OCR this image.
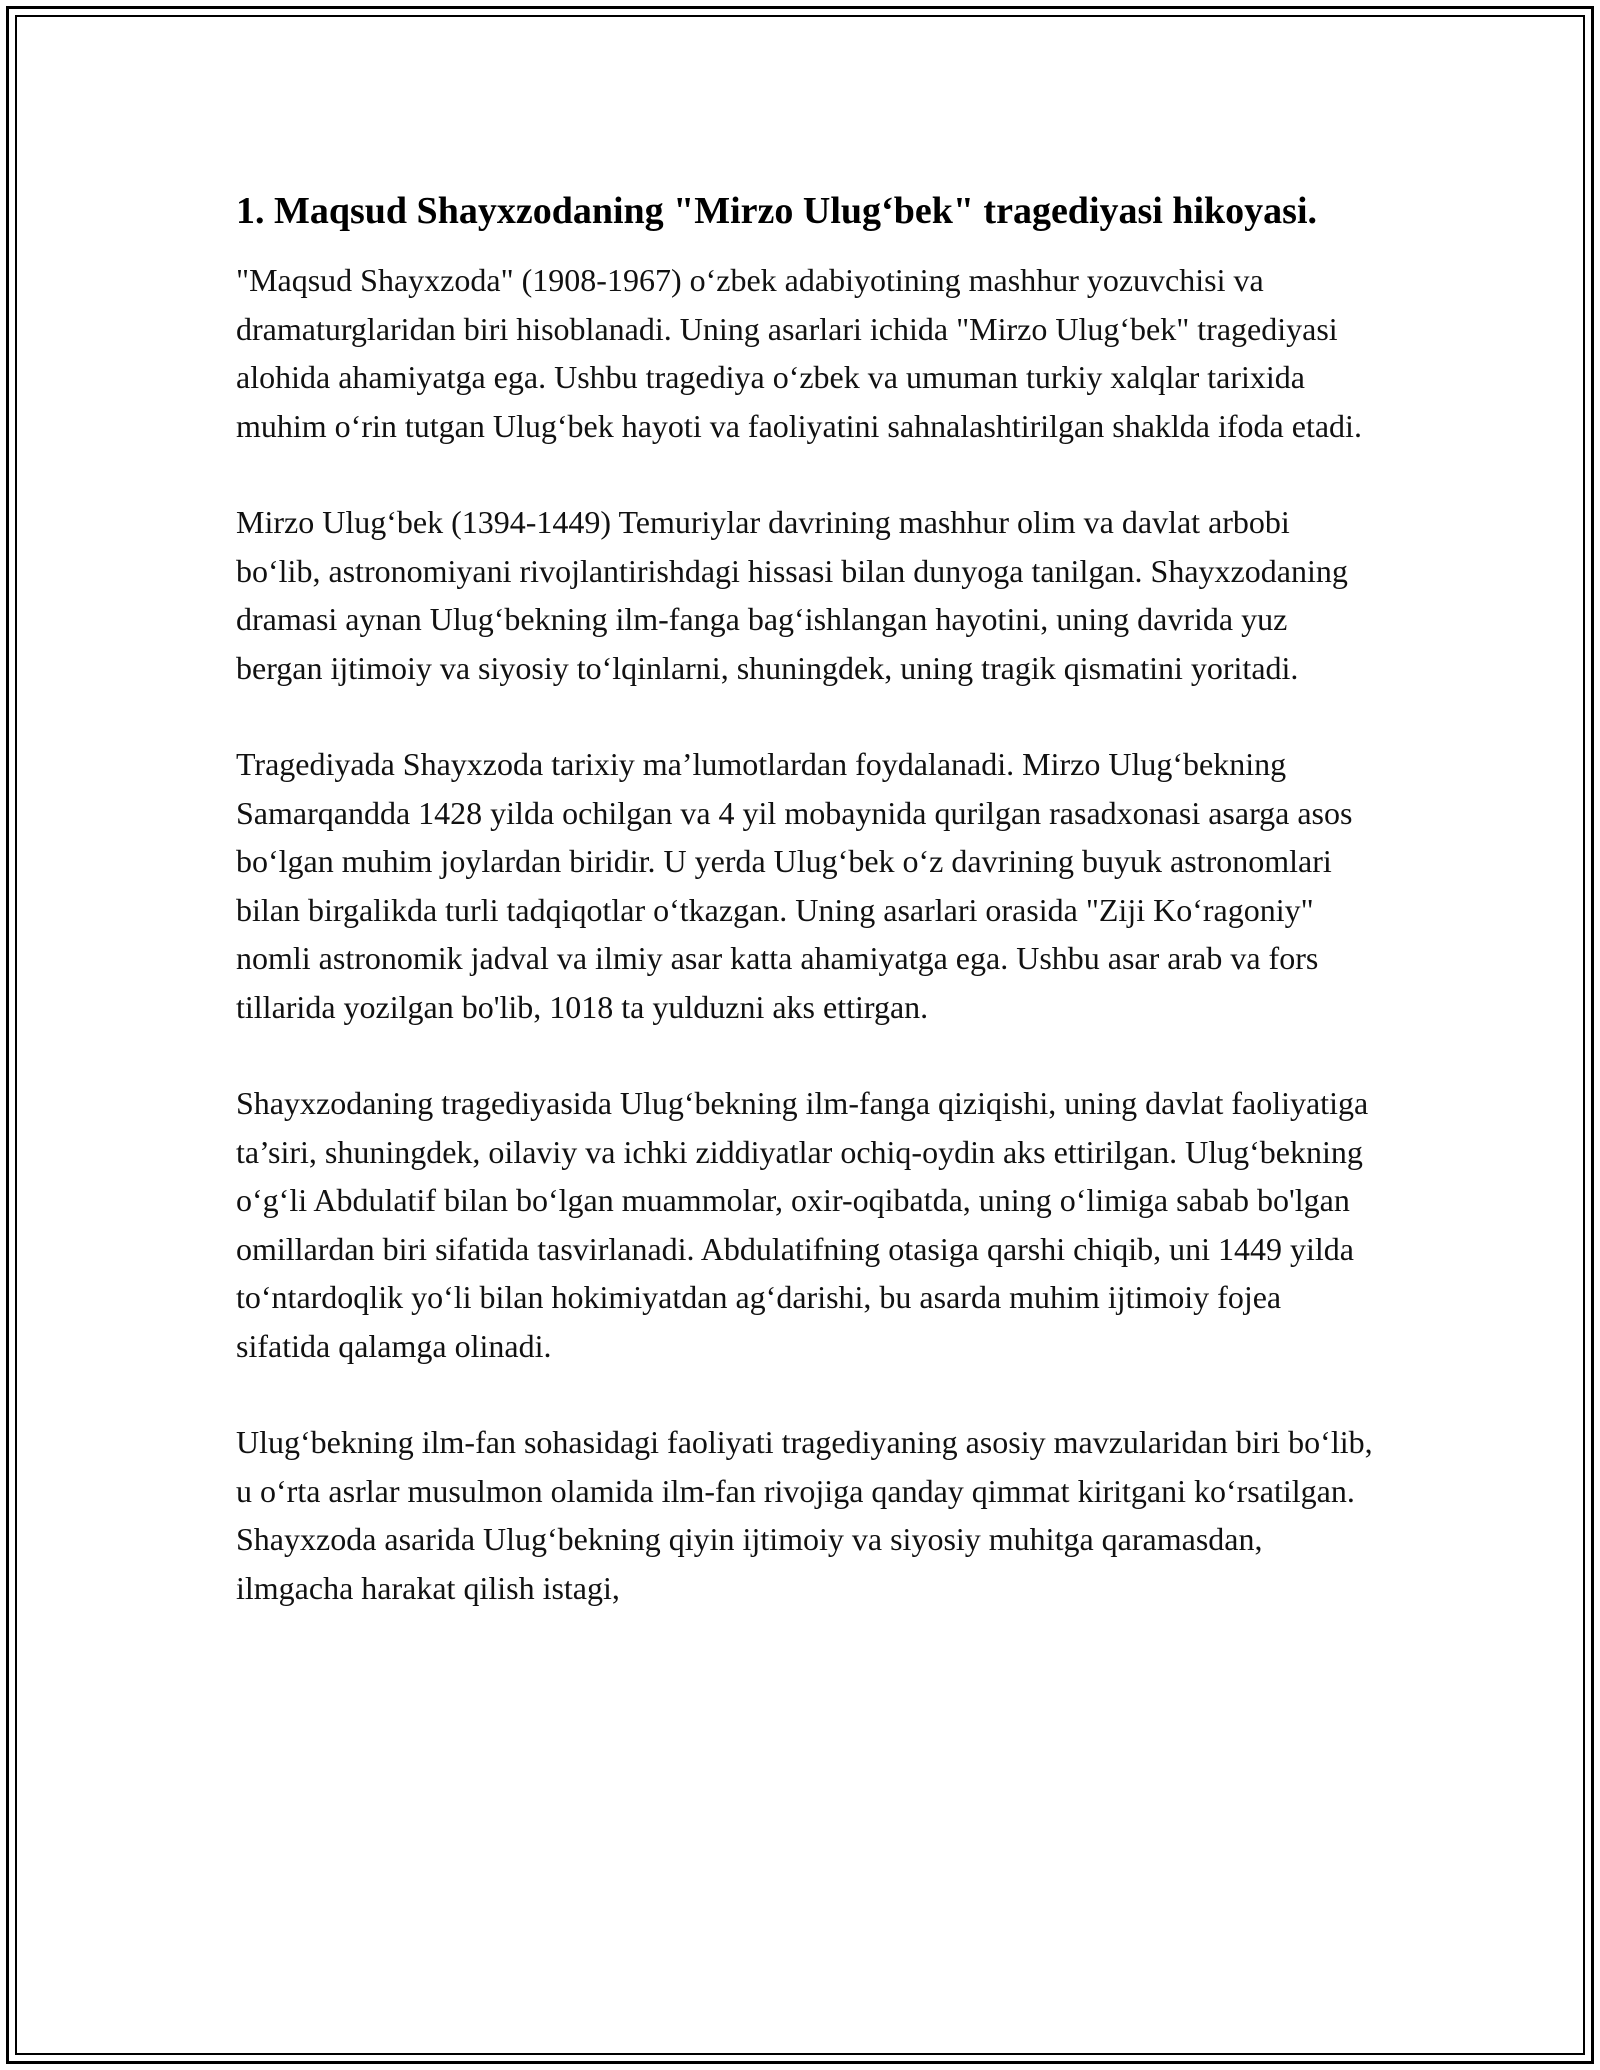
1. Maqsud Shayxzodaning "Mirzo Ulug‘bek" tragediyasi hikoyasi.

"Maqsud Shayxzoda" (1908-1967) o‘zbek adabiyotining mashhur yozuvchisi va dramaturglaridan biri hisoblanadi. Uning asarlari ichida "Mirzo Ulug‘bek" tragediyasi alohida ahamiyatga ega. Ushbu tragediya o‘zbek va umuman turkiy xalqlar tarixida muhim o‘rin tutgan Ulug‘bek hayoti va faoliyatini sahnalashtirilgan shaklda ifoda etadi.

Mirzo Ulug‘bek (1394-1449) Temuriylar davrining mashhur olim va davlat arbobi bo‘lib, astronomiyani rivojlantirishdagi hissasi bilan dunyoga tanilgan. Shayxzodaning dramasi aynan Ulug‘bekning ilm-fanga bag‘ishlangan hayotini, uning davrida yuz bergan ijtimoiy va siyosiy to‘lqinlarni, shuningdek, uning tragik qismatini yoritadi.

Tragediyada Shayxzoda tarixiy ma’lumotlardan foydalanadi. Mirzo Ulug‘bekning Samarqandda 1428 yilda ochilgan va 4 yil mobaynida qurilgan rasadxonasi asarga asos bo‘lgan muhim joylardan biridir. U yerda Ulug‘bek o‘z davrining buyuk astronomlari bilan birgalikda turli tadqiqotlar o‘tkazgan. Uning asarlari orasida "Ziji Ko‘ragoniy" nomli astronomik jadval va ilmiy asar katta ahamiyatga ega. Ushbu asar arab va fors tillarida yozilgan bo'lib, 1018 ta yulduzni aks ettirgan.

Shayxzodaning tragediyasida Ulug‘bekning ilm-fanga qiziqishi, uning davlat faoliyatiga ta’siri, shuningdek, oilaviy va ichki ziddiyatlar ochiq-oydin aks ettirilgan. Ulug‘bekning o‘g‘li Abdulatif bilan bo‘lgan muammolar, oxir-oqibatda, uning o‘limiga sabab bo'lgan omillardan biri sifatida tasvirlanadi. Abdulatifning otasiga qarshi chiqib, uni 1449 yilda to‘ntardoqlik yo‘li bilan hokimiyatdan ag‘darishi, bu asarda muhim ijtimoiy fojea sifatida qalamga olinadi.

Ulug‘bekning ilm-fan sohasidagi faoliyati tragediyaning asosiy mavzularidan biri bo‘lib, u o‘rta asrlar musulmon olamida ilm-fan rivojiga qanday qimmat kiritgani ko‘rsatilgan. Shayxzoda asarida Ulug‘bekning qiyin ijtimoiy va siyosiy muhitga qaramasdan, ilmgacha harakat qilish istagi,
